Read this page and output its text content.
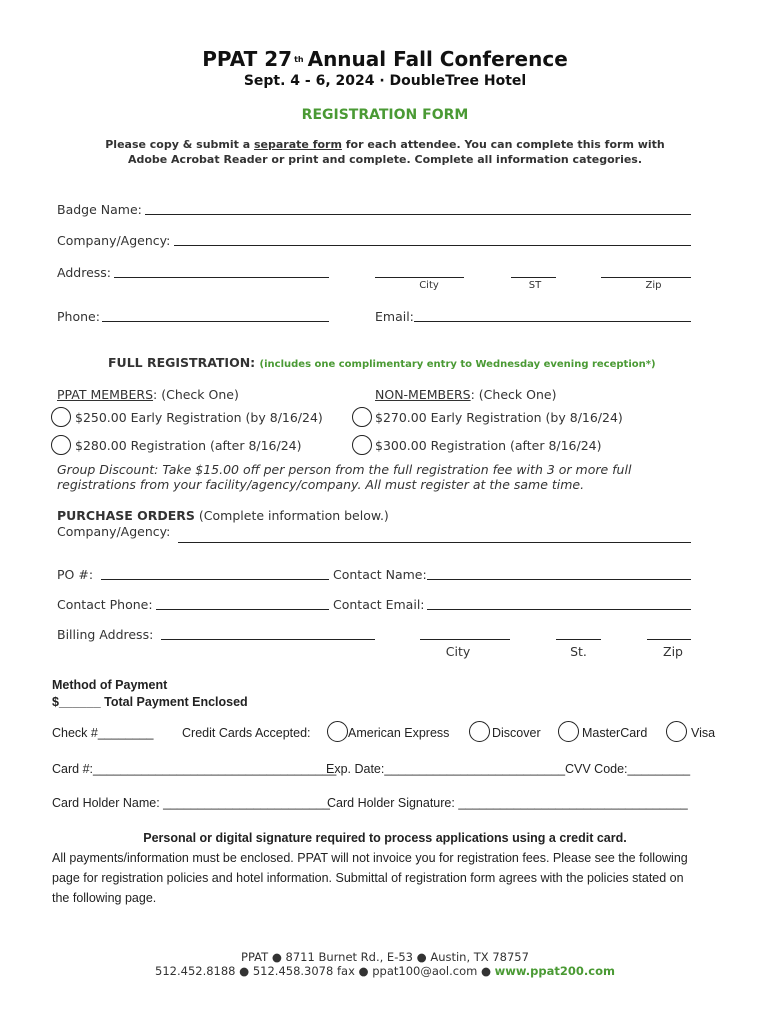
PPAT 27 $^{th}$ Annual Fall Conference
Sept. 4 - 6, 2024 · DoubleTree Hotel
REGISTRATION FORM
Please copy & submit a separate form for each attendee. You can complete this form with
Adobe Acrobat Reader or print and complete. Complete all information categories.
Badge Name:
Company/Agency:
Address:
City	ST	Zip
Phone:	Email:
FULL REGISTRATION: (includes one complimentary entry to Wednesday evening reception*)
PPAT MEMBERS: (Check One)	NON-MEMBERS: (Check One)
$250.00 Early Registration (by 8/16/24)	$270.00 Early Registration (by 8/16/24)
$280.00 Registration (after 8/16/24)	$300.00 Registration (after 8/16/24)
Group Discount: Take $15.00 off per person from the full registration fee with 3 or more full
registrations from your facility/agency/company. All must register at the same time.
PURCHASE ORDERS (Complete information below.)
Company/Agency:
PO #:	Contact Name:
Contact Phone:	Contact Email:
Billing Address:
City	St.	Zip
Method of Payment
$______ Total Payment Enclosed
Check #________ Credit Cards Accepted:	American Express	Discover	MasterCard	Visa
Card #:___________________________________
Exp. Date:__________________________ CVV Code:_________
Card Holder Name: ________________________
Card Holder Signature: _________________________________
Personal or digital signature required to process applications using a credit card.
All payments/information must be enclosed. PPAT will not invoice you for registration fees. Please see the following
page for registration policies and hotel information. Submittal of registration form agrees with the policies stated on
the following page.
PPAT ● 8711 Burnet Rd., E-53 ● Austin, TX 78757
512.452.8188 ● 512.458.3078 fax ● ppat100@aol.com ● www.ppat200.com
